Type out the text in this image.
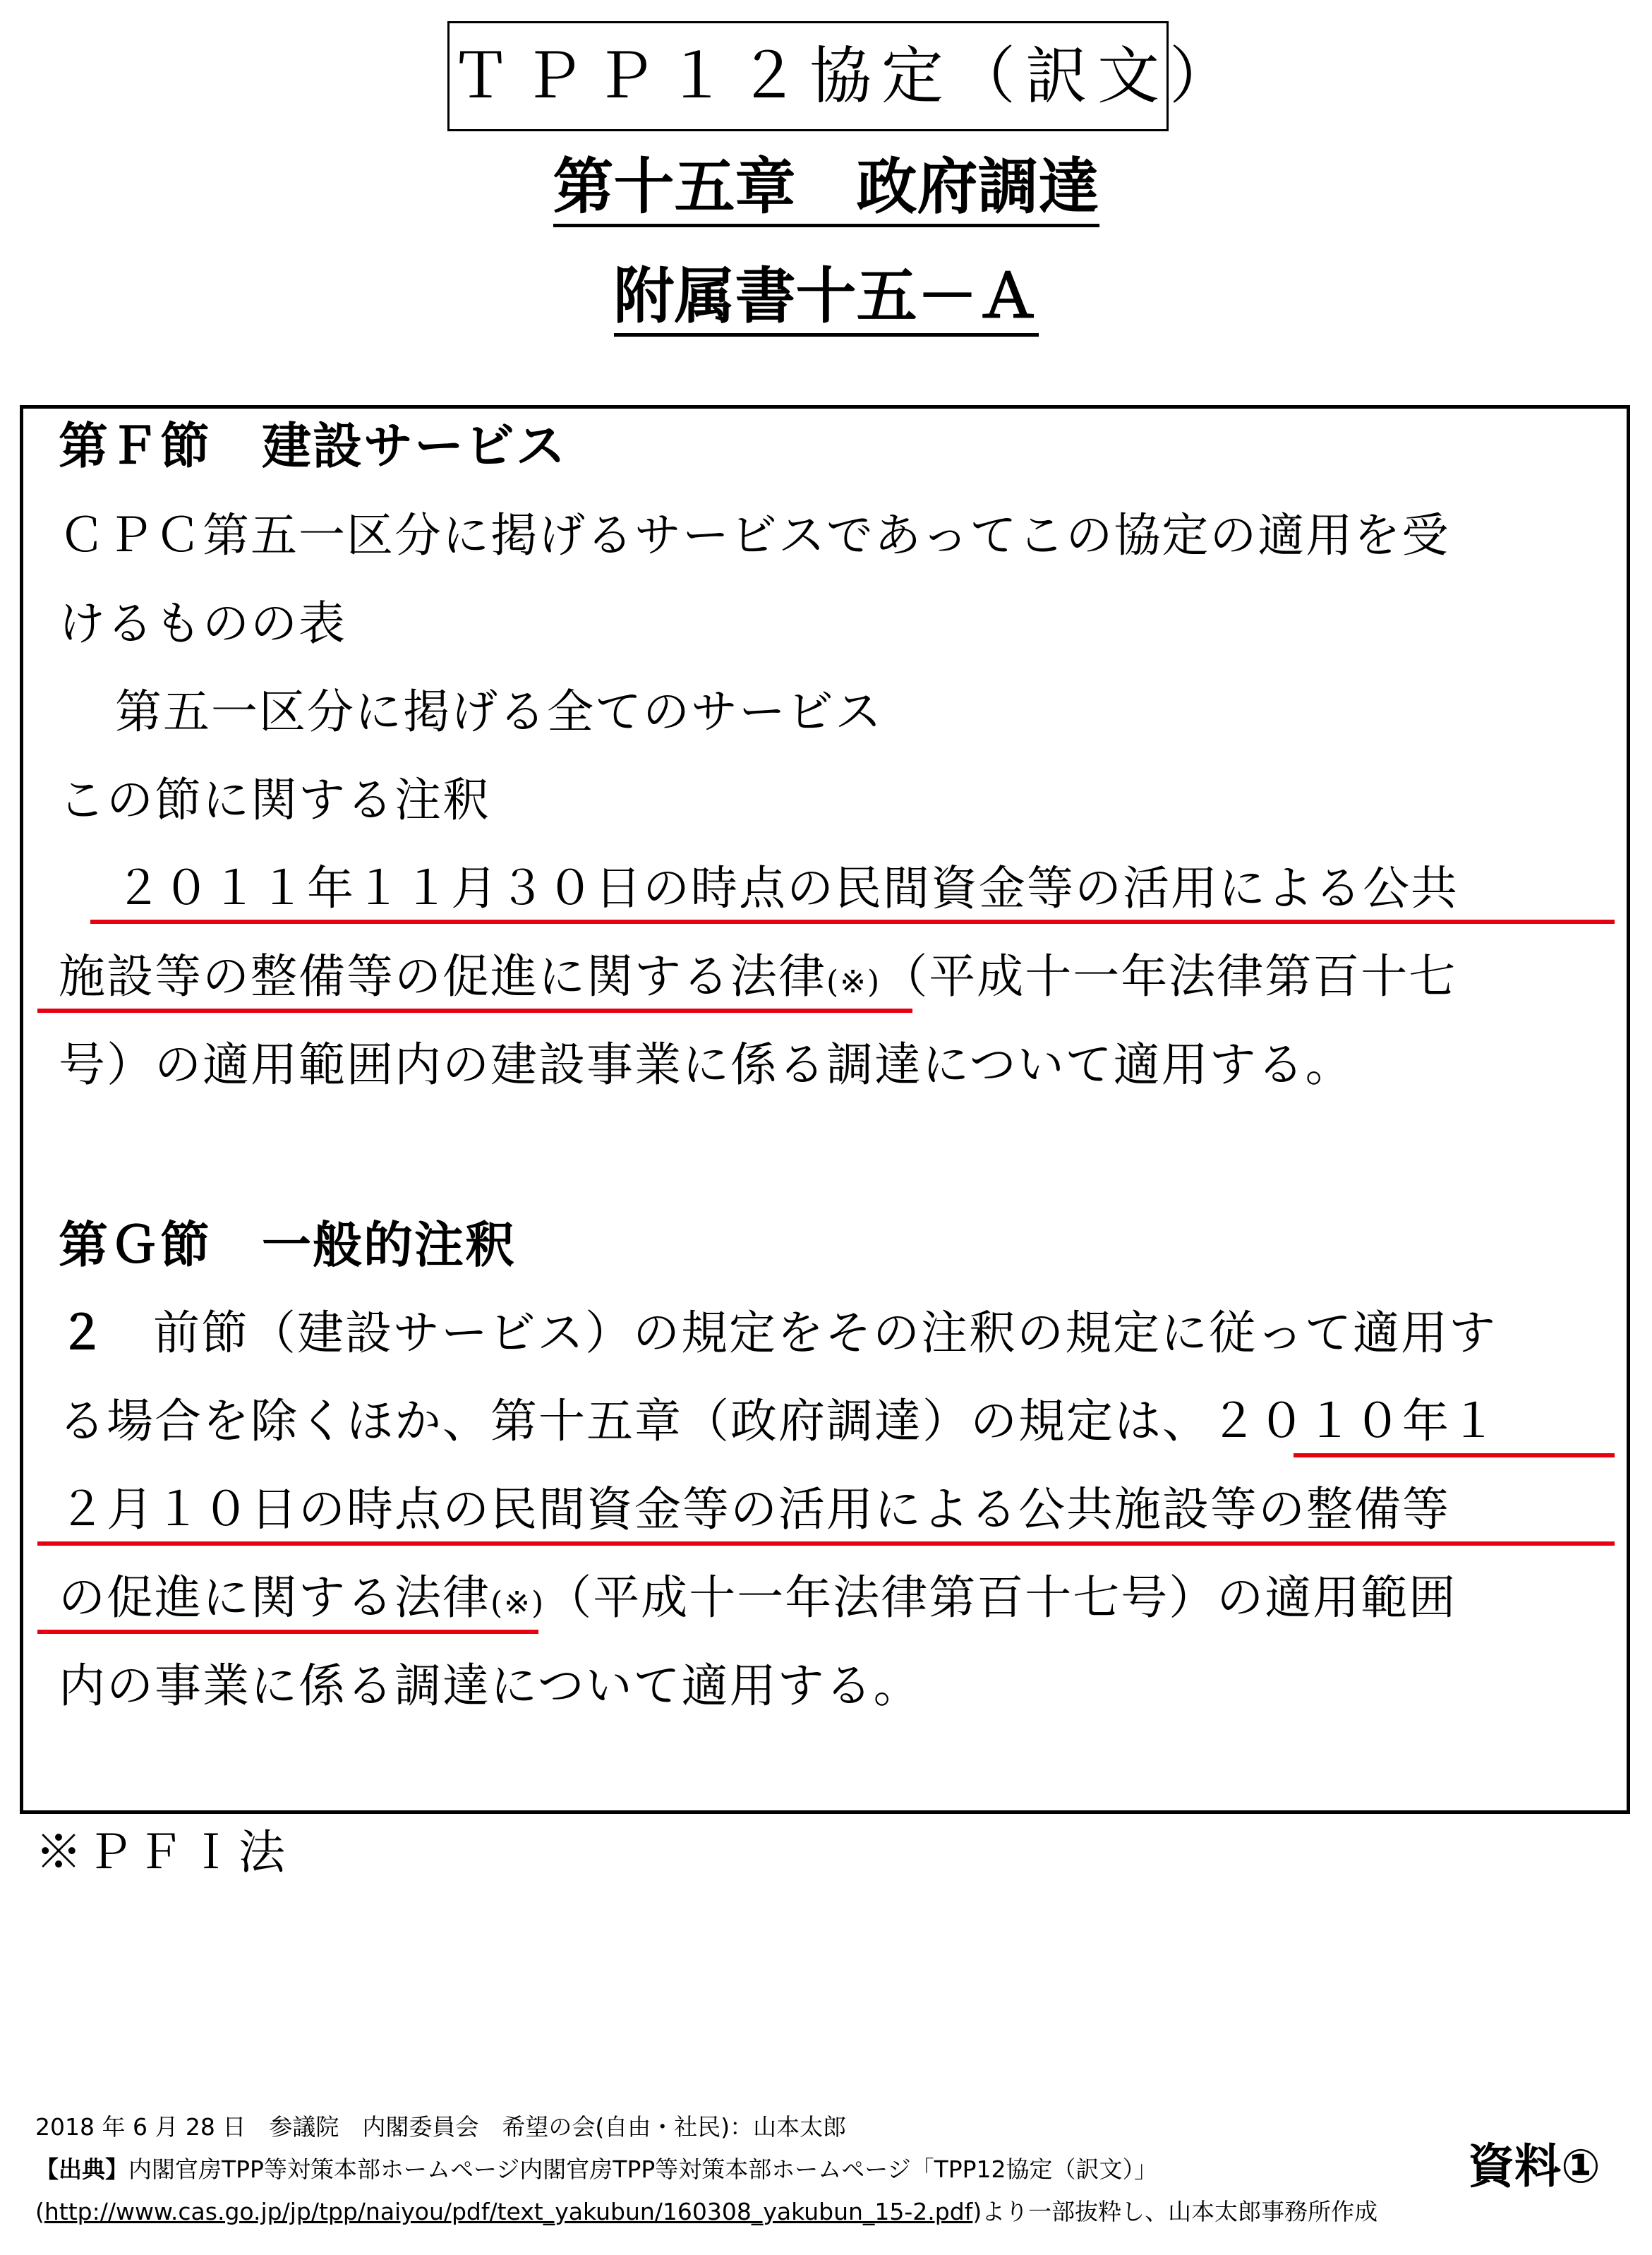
ＴＰＰ１２協定（訳文）
第十五章　政府調達
附属書十五－Ａ
第Ｆ節　建設サービス
ＣＰＣ第五一区分に掲げるサービスであってこの協定の適用を受
けるものの表
第五一区分に掲げる全てのサービス
この節に関する注釈
２０１１年１１月３０日の時点の民間資金等の活用による公共
施設等の整備等の促進に関する法律(※)（平成十一年法律第百十七
号）の適用範囲内の建設事業に係る調達について適用する。
第Ｇ節　一般的注釈
２ 前節（建設サービス）の規定をその注釈の規定に従って適用す
る場合を除くほか、第十五章（政府調達）の規定は、２０１０年１
２月１０日の時点の民間資金等の活用による公共施設等の整備等
の促進に関する法律(※)（平成十一年法律第百十七号）の適用範囲
内の事業に係る調達について適用する。
※ＰＦＩ法
2018 年 6 月 28 日　参議院　内閣委員会　希望の会(自由・社民)：山本太郎
【出典】内閣官房TPP等対策本部ホームページ内閣官房TPP等対策本部ホームページ「TPP12協定（訳文）」
(http://www.cas.go.jp/jp/tpp/naiyou/pdf/text_yakubun/160308_yakubun_15-2.pdf)より一部抜粋し、山本太郎事務所作成
資料①
